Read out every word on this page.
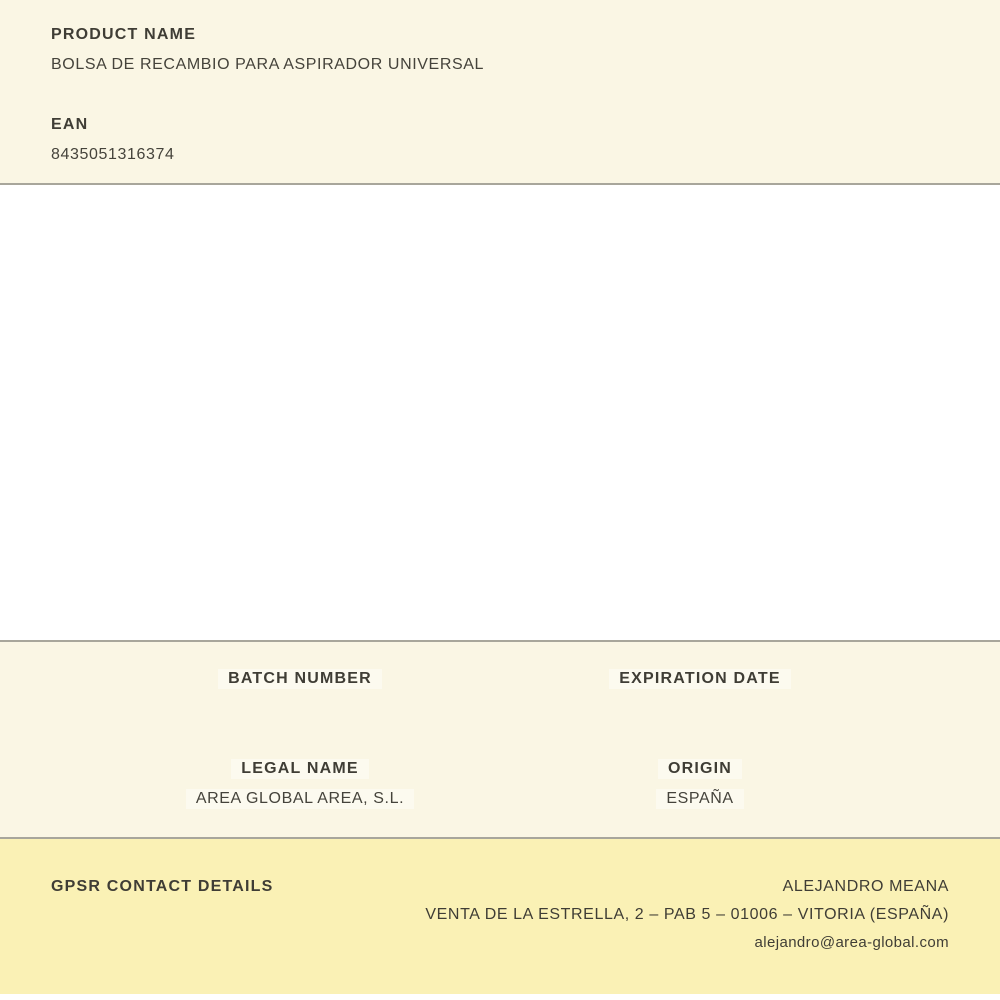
PRODUCT NAME
BOLSA DE RECAMBIO PARA ASPIRADOR UNIVERSAL
EAN
8435051316374
BATCH NUMBER	EXPIRATION DATE
LEGAL NAME
AREA GLOBAL AREA, S.L.
ORIGIN
ESPAÑA
GPSR CONTACT DETAILS	ALEJANDRO MEANA
VENTA DE LA ESTRELLA, 2 – PAB 5 – 01006 – VITORIA (ESPAÑA)
alejandro@area-global.com
